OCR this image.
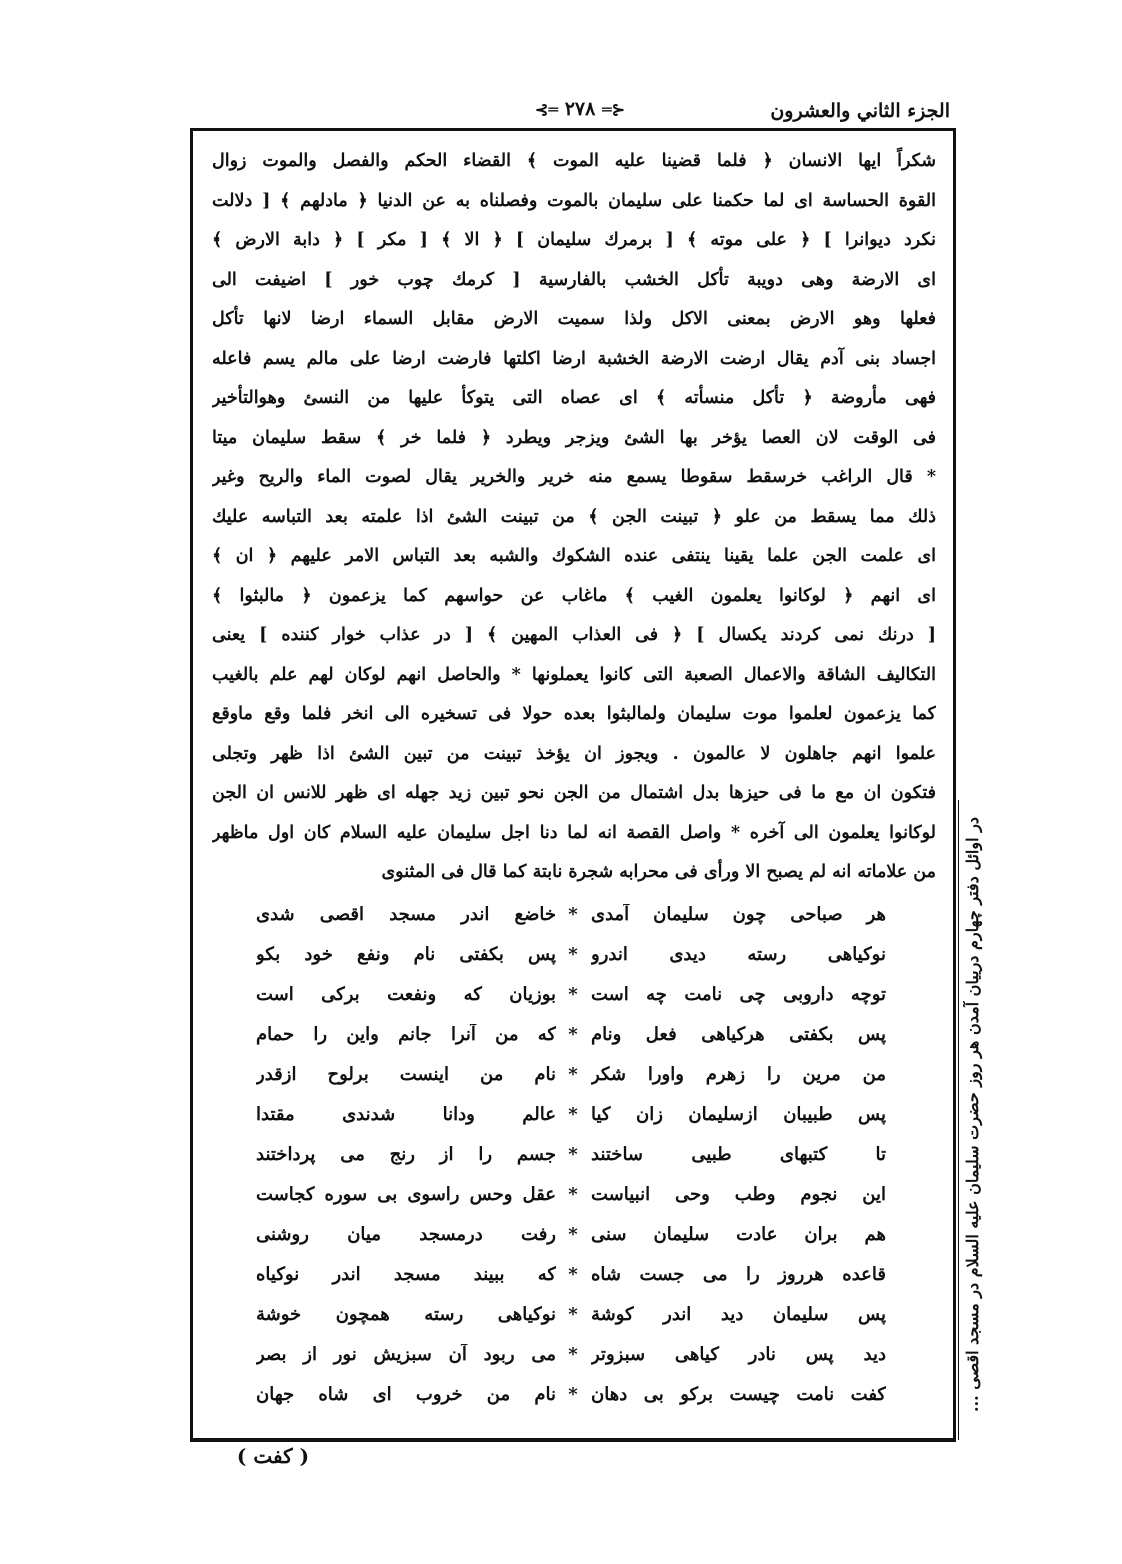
الجزء الثاني والعشرون
⊰═ ۲۷۸ ═⊱
شكراً ايها الانسان ﴿ فلما قضينا عليه الموت ﴾ القضاء الحكم والفصل والموت زوال
القوة الحساسة اى لما حكمنا على سليمان بالموت وفصلناه به عن الدنيا ﴿ مادلهم ﴾ [ دلالت
نكرد ديوانرا ] ﴿ على موته ﴾ [ برمرك سليمان ] ﴿ الا ﴾ [ مكر ] ﴿ دابة الارض ﴾
اى الارضة وهى دويبة تأكل الخشب بالفارسية [ كرمك چوب خور ] اضيفت الى
فعلها وهو الارض بمعنى الاكل ولذا سميت الارض مقابل السماء ارضا لانها تأكل
اجساد بنى آدم يقال ارضت الارضة الخشبة ارضا اكلتها فارضت ارضا على مالم يسم فاعله
فهى مأروضة ﴿ تأكل منسأته ﴾ اى عصاه التى يتوكأ عليها من النسئ وهوالتأخير
فى الوقت لان العصا يؤخر بها الشئ ويزجر ويطرد ﴿ فلما خر ﴾ سقط سليمان ميتا
* قال الراغب خرسقط سقوطا يسمع منه خرير والخرير يقال لصوت الماء والريح وغير
ذلك مما يسقط من علو ﴿ تبينت الجن ﴾ من تبينت الشئ اذا علمته بعد التباسه عليك
اى علمت الجن علما يقينا ينتفى عنده الشكوك والشبه بعد التباس الامر عليهم ﴿ ان ﴾
اى انهم ﴿ لوكانوا يعلمون الغيب ﴾ ماغاب عن حواسهم كما يزعمون ﴿ مالبثوا ﴾
[ درنك نمى كردند يكسال ] ﴿ فى العذاب المهين ﴾ [ در عذاب خوار كننده ] يعنى
التكاليف الشاقة والاعمال الصعبة التى كانوا يعملونها * والحاصل انهم لوكان لهم علم بالغيب
كما يزعمون لعلموا موت سليمان ولمالبثوا بعده حولا فى تسخيره الى انخر فلما وقع ماوقع
علموا انهم جاهلون لا عالمون . ويجوز ان يؤخذ تبينت من تبين الشئ اذا ظهر وتجلى
فتكون ان مع ما فى حيزها بدل اشتمال من الجن نحو تبين زيد جهله اى ظهر للانس ان الجن
لوكانوا يعلمون الى آخره * واصل القصة انه لما دنا اجل سليمان عليه السلام كان اول ماظهر
من علاماته انه لم يصبح الا ورأى فى محرابه شجرة نابتة كما قال فى المثنوى
هر صباحى چون سليمان آمدى
*
خاضع اندر مسجد اقصى شدى
نوكياهى رسته ديدى اندرو
*
پس بكفتى نام ونفع خود بكو
توچه داروبى چى نامت چه است
*
بوزيان كه ونفعت بركى است
پس بكفتى هركياهى فعل ونام
*
كه من آنرا جانم واين را حمام
من مرين را زهرم واورا شكر
*
نام من اينست برلوح ازقدر
پس طبيبان ازسليمان زان كيا
*
عالم ودانا شدندى مقتدا
تا كتبهاى طبيى ساختند
*
جسم را از رنج مى پرداختند
اين نجوم وطب وحى انبياست
*
عقل وحس راسوى بى سوره كجاست
هم بران عادت سليمان سنى
*
رفت درمسجد ميان روشنى
قاعده هرروز را مى جست شاه
*
كه ببيند مسجد اندر نوكياه
پس سليمان ديد اندر كوشة
*
نوكياهى رسته همچون خوشة
ديد پس نادر كياهى سبزوتر
*
مى ربود آن سبزيش نور از بصر
كفت نامت چيست بركو بى دهان
*
نام من خروب اى شاه جهان	در اوائل دفتر چهارم درییان آمدن هر روز حضرت سلیمان علیه السلام در مسجد اقصی ...
( كفت )
